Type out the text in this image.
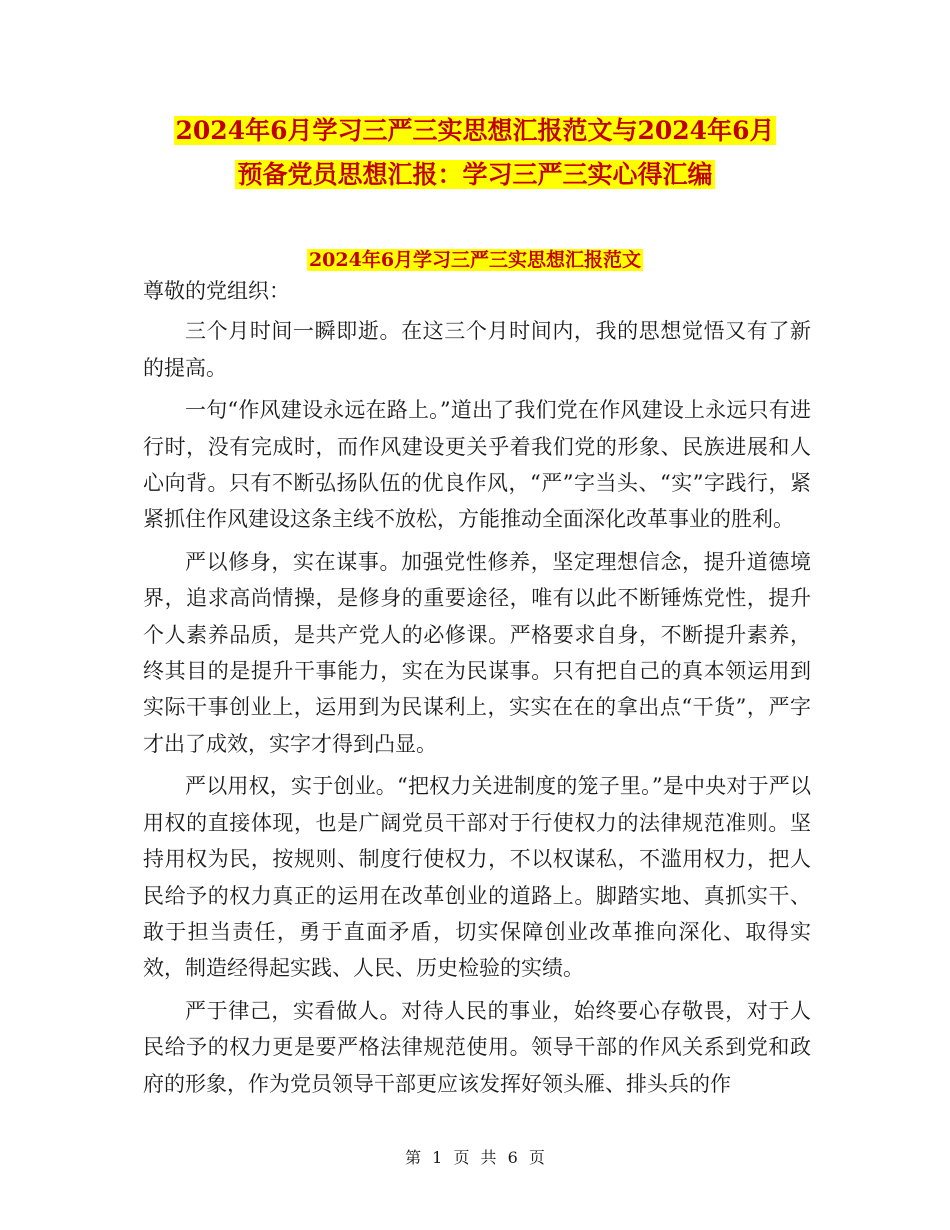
2024年6月学习三严三实思想汇报范文与2024年6月
预备党员思想汇报：学习三严三实心得汇编
2024年6月学习三严三实思想汇报范文

尊敬的党组织：

三个月时间一瞬即逝。在这三个月时间内，我的思想觉悟又有了新的提高。

一句“作风建设永远在路上。”道出了我们党在作风建设上永远只有进行时，没有完成时，而作风建设更关乎着我们党的形象、民族进展和人心向背。只有不断弘扬队伍的优良作风，“严”字当头、“实”字践行，紧紧抓住作风建设这条主线不放松，方能推动全面深化改革事业的胜利。

严以修身，实在谋事。加强党性修养，坚定理想信念，提升道德境界，追求高尚情操，是修身的重要途径，唯有以此不断锤炼党性，提升个人素养品质，是共产党人的必修课。严格要求自身，不断提升素养，终其目的是提升干事能力，实在为民谋事。只有把自己的真本领运用到实际干事创业上，运用到为民谋利上，实实在在的拿出点“干货”，严字才出了成效，实字才得到凸显。

严以用权，实于创业。“把权力关进制度的笼子里。”是中央对于严以用权的直接体现，也是广阔党员干部对于行使权力的法律规范准则。坚持用权为民，按规则、制度行使权力，不以权谋私，不滥用权力，把人民给予的权力真正的运用在改革创业的道路上。脚踏实地、真抓实干、敢于担当责任，勇于直面矛盾，切实保障创业改革推向深化、取得实效，制造经得起实践、人民、历史检验的实绩。

严于律己，实看做人。对待人民的事业，始终要心存敬畏，对于人民给予的权力更是要严格法律规范使用。领导干部的作风关系到党和政府的形象，作为党员领导干部更应该发挥好领头雁、排头兵的作

第 1 页 共 6 页
